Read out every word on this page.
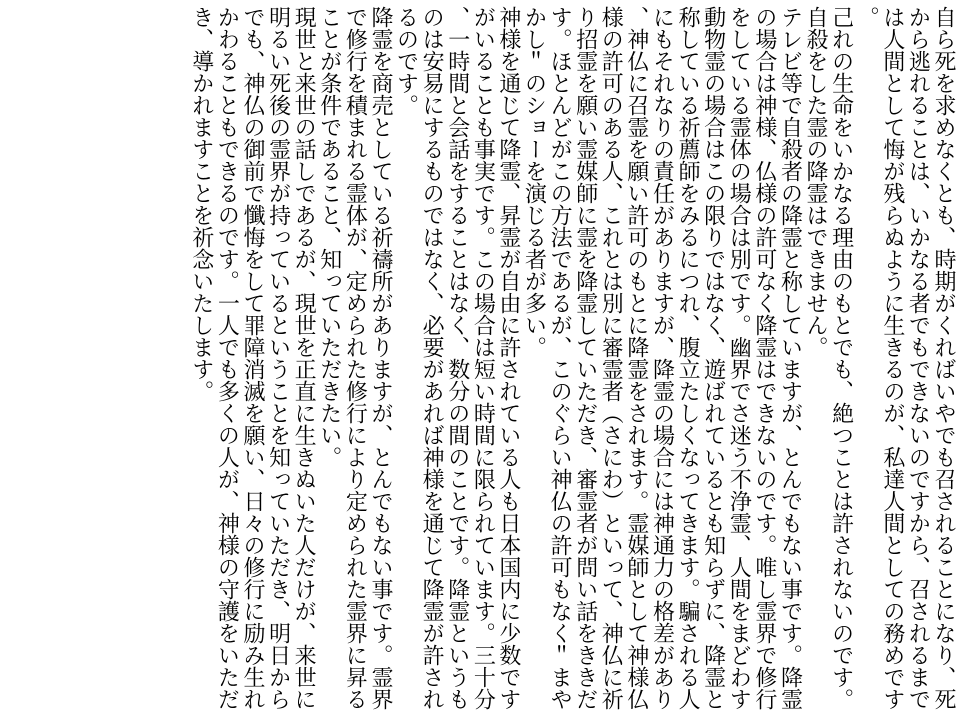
自ら死を求めなくとも、時期がくればいやでも召されることになり、死から逃れることは、いかなる者でもできないのですから、召されるまでは人間として悔が残らぬように生きるのが、私達人間としての務めです。

己れの生命をいかなる理由のもとでも、絶つことは許されないのです。

自殺をした霊の降霊はできません。

テレビ等で自殺者の降霊と称していますが、とんでもない事です。降霊の場合は神様、仏様の許可なく降霊はできないのです。唯し霊界で修行をしている霊体の場合は別です。幽界でさ迷う不浄霊、人間をまどわす動物霊の場合はこの限りではなく、遊ばれているとも知らずに、降霊と称している祈薦師をみるにつれ、腹立たしくなってきます。騙される人にもそれなりの責任がありますが、降霊の場合には神通力の格差があり、神仏に召霊を願い許可のもとに降霊をされます。霊媒師として神様仏様の許可のある人、これとは別に審霊者（さにわ）といって、神仏に祈り招霊を願い霊媒師に霊を降霊していただき、審霊者が問い話をききだす。ほとんどがこの方法であるが、このぐらい神仏の許可もなく＂まやかし＂のショーを演じる者が多い。

神様を通じて降霊、昇霊が自由に許されている人も日本国内に少数ですがいることも事実です。この場合は短い時間に限られています。三十分、一時間と会話をすることはなく、数分の間のことです。降霊というものは安易にするものではなく、必要があれば神様を通じて降霊が許されるのです。

降霊を商売としている祈禱所がありますが、とんでもない事です。霊界で修行を積まれる霊体が、定められた修行により定められた霊界に昇ることが条件であること、知っていただきたい。

現世と来世の話しであるが、現世を正直に生きぬいた人だけが、来世に明るい死後の霊界が持っているということを知っていただき、明日からでも、神仏の御前で懺悔をして罪障消滅を願い、日々の修行に励み生れかわることもできるのです。一人でも多くの人が、神様の守護をいただき、導かれますことを祈念いたします。
